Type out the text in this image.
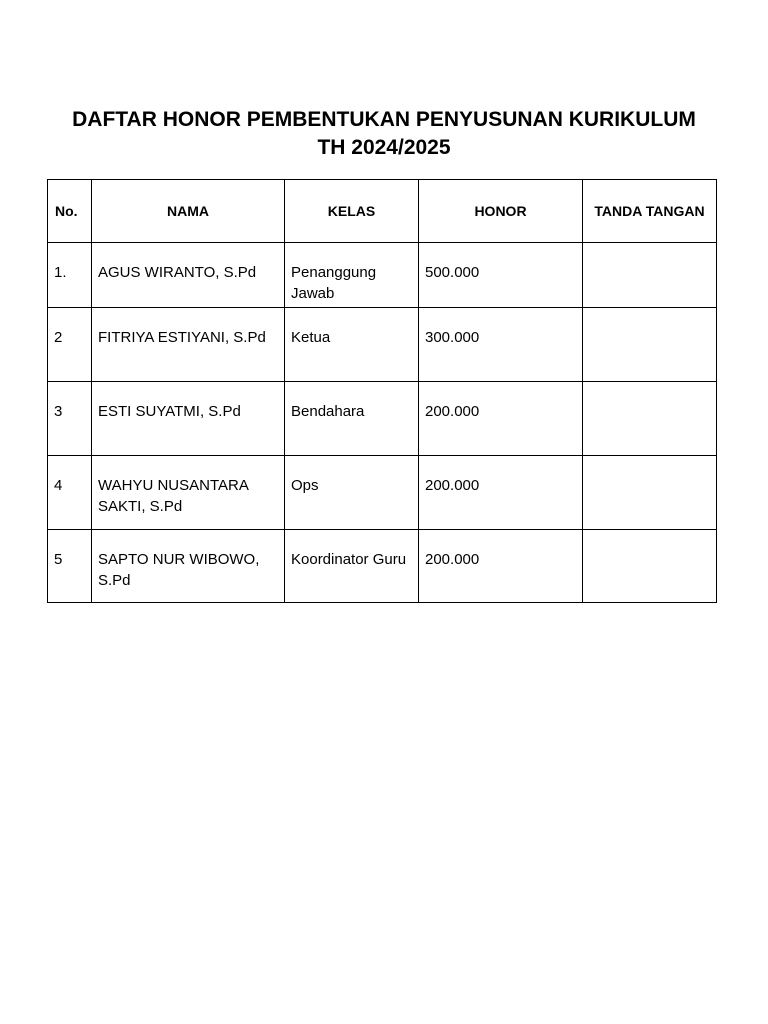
DAFTAR HONOR PEMBENTUKAN PENYUSUNAN KURIKULUM
TH 2024/2025
No.	NAMA	KELAS	HONOR	TANDA TANGAN
1.	AGUS WIRANTO, S.Pd	Penanggung Jawab	500.000	
2	FITRIYA ESTIYANI, S.Pd	Ketua	300.000	
3	ESTI SUYATMI, S.Pd	Bendahara	200.000	
4	WAHYU NUSANTARA SAKTI, S.Pd	Ops	200.000	
5	SAPTO NUR WIBOWO, S.Pd	Koordinator Guru	200.000	
